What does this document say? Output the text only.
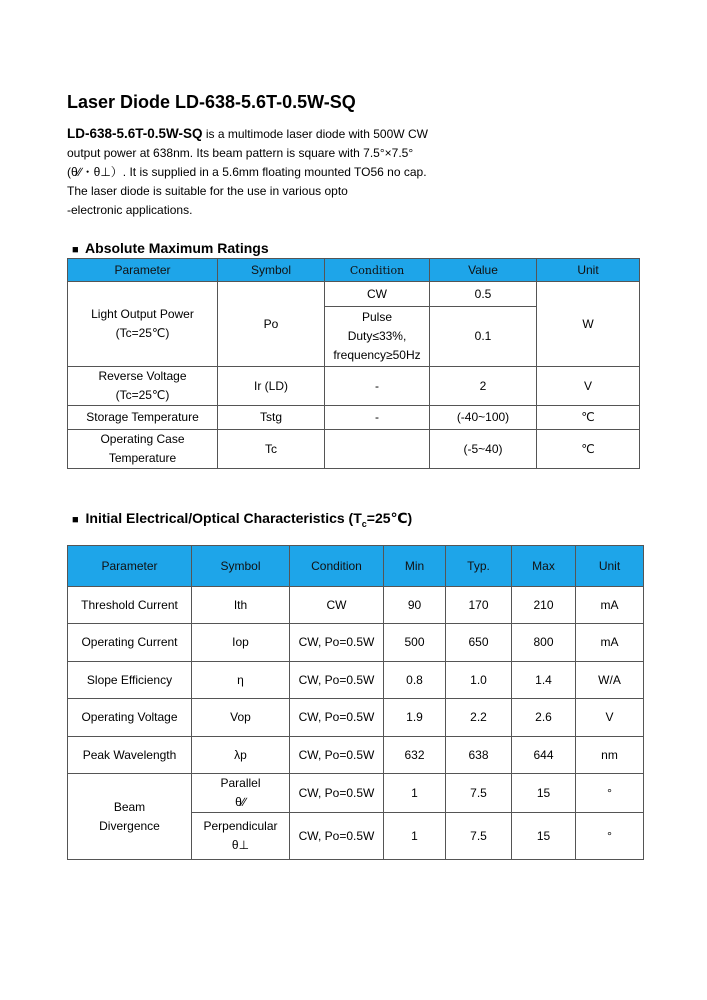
Laser Diode LD-638-5.6T-0.5W-SQ
LD-638-5.6T-0.5W-SQ is a multimode laser diode with 500W CW
output power at 638nm. Its beam pattern is square with 7.5°×7.5°
(θ∕∕・θ⊥）. It is supplied in a 5.6mm floating mounted TO56 no cap.
The laser diode is suitable for the use in various opto
-electronic applications.
■ Absolute Maximum Ratings
Parameter	Symbol	Condition	Value	Unit

Light Output Power
(Tc=25℃)	Po	CW	0.5	W

		Pulse
Duty≤33%,
frequency≥50Hz	0.1	

Reverse Voltage
(Tc=25℃)	Ir (LD)	-	2	V
Storage Temperature	Tstg	-	(-40~100)	℃

Operating Case
Temperature	Tc		(-5~40)	℃
■ Initial Electrical/Optical Characteristics $(T_c=25℃)$
Parameter	Symbol	Condition	Min	Typ.	Max	Unit
Threshold Current	Ith	CW	90	170	210	mA
Operating Current	Iop	CW, Po=0.5W	500	650	800	mA
Slope Efficiency	η	CW, Po=0.5W	0.8	1.0	1.4	W/A
Operating Voltage	Vop	CW, Po=0.5W	1.9	2.2	2.6	V
Peak Wavelength	λp	CW, Po=0.5W	632	638	644	nm

Beam
Divergence	Parallel
θ∕∕	CW, Po=0.5W	1	7.5	15	°

	Perpendicular
θ⊥	CW, Po=0.5W	1	7.5	15	°
